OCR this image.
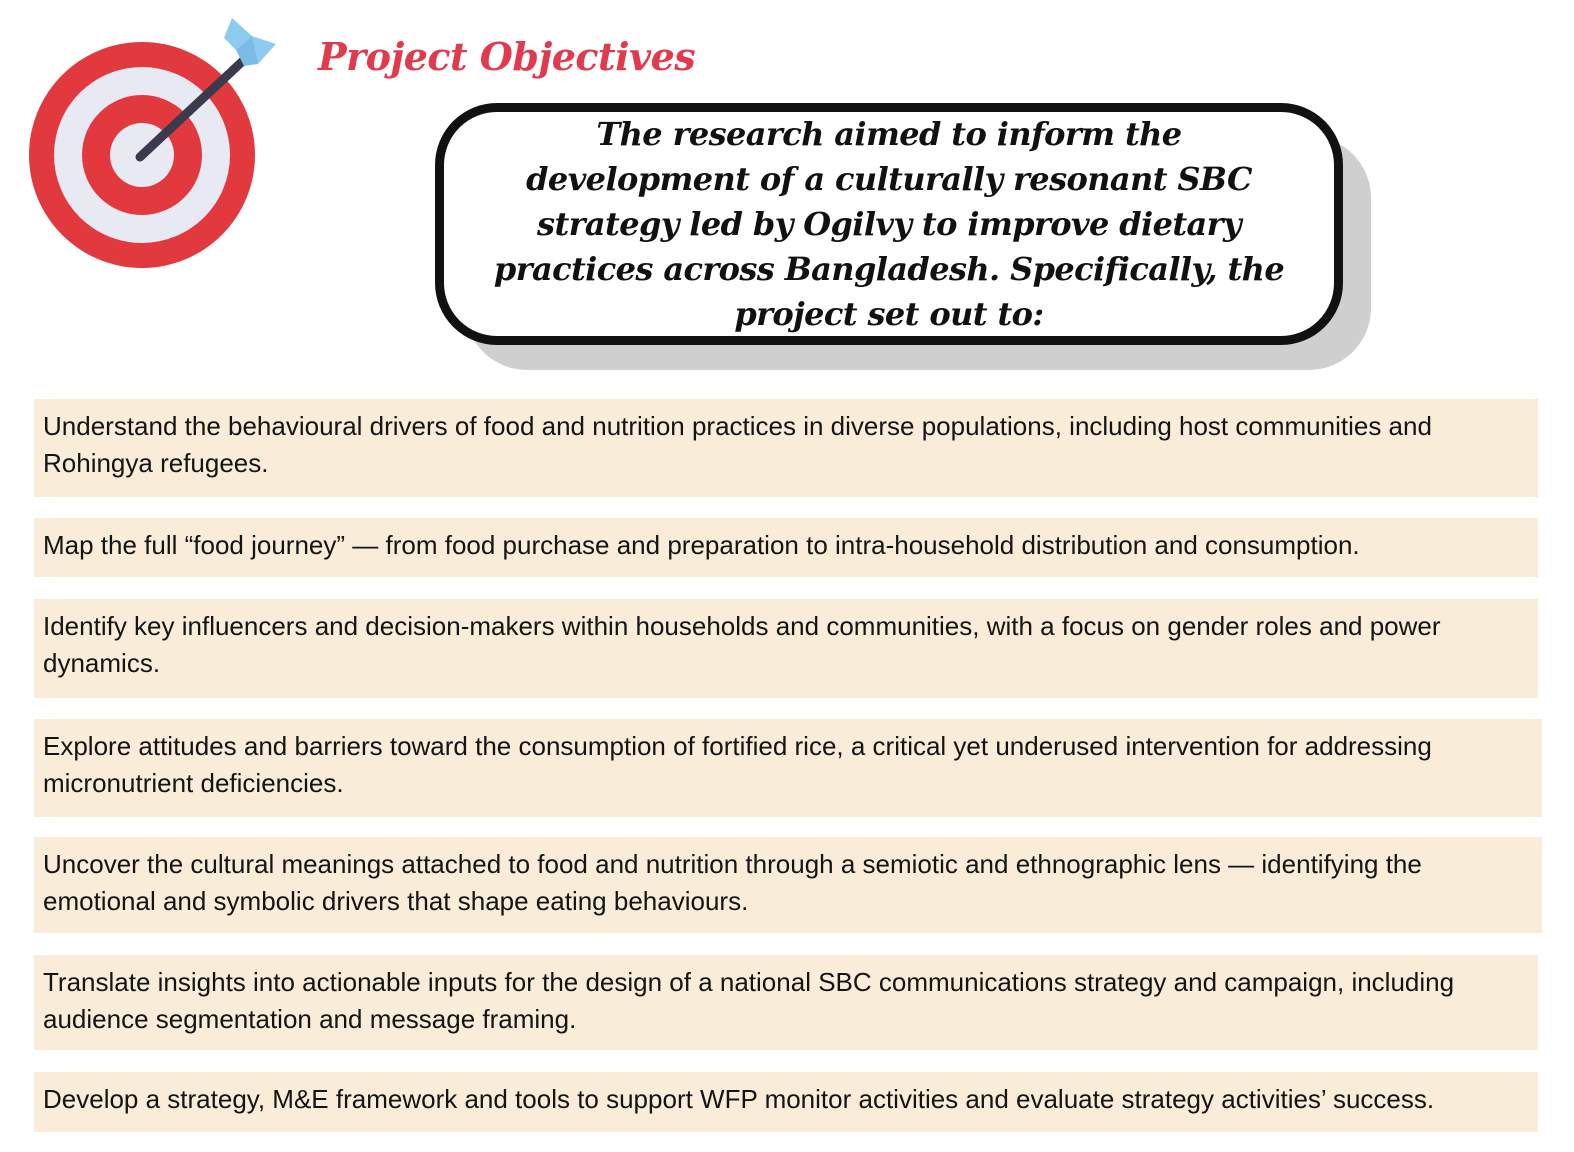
Project Objectives

The research aimed to inform the development of a culturally resonant SBC strategy led by Ogilvy to improve dietary practices across Bangladesh. Specifically, the project set out to:

Understand the behavioural drivers of food and nutrition practices in diverse populations, including host communities and Rohingya refugees.
Map the full “food journey” — from food purchase and preparation to intra-household distribution and consumption.
Identify key influencers and decision-makers within households and communities, with a focus on gender roles and power dynamics.
Explore attitudes and barriers toward the consumption of fortified rice, a critical yet underused intervention for addressing micronutrient deficiencies.
Uncover the cultural meanings attached to food and nutrition through a semiotic and ethnographic lens — identifying the emotional and symbolic drivers that shape eating behaviours.
Translate insights into actionable inputs for the design of a national SBC communications strategy and campaign, including audience segmentation and message framing.
Develop a strategy, M&E framework and tools to support WFP monitor activities and evaluate strategy activities’ success.
